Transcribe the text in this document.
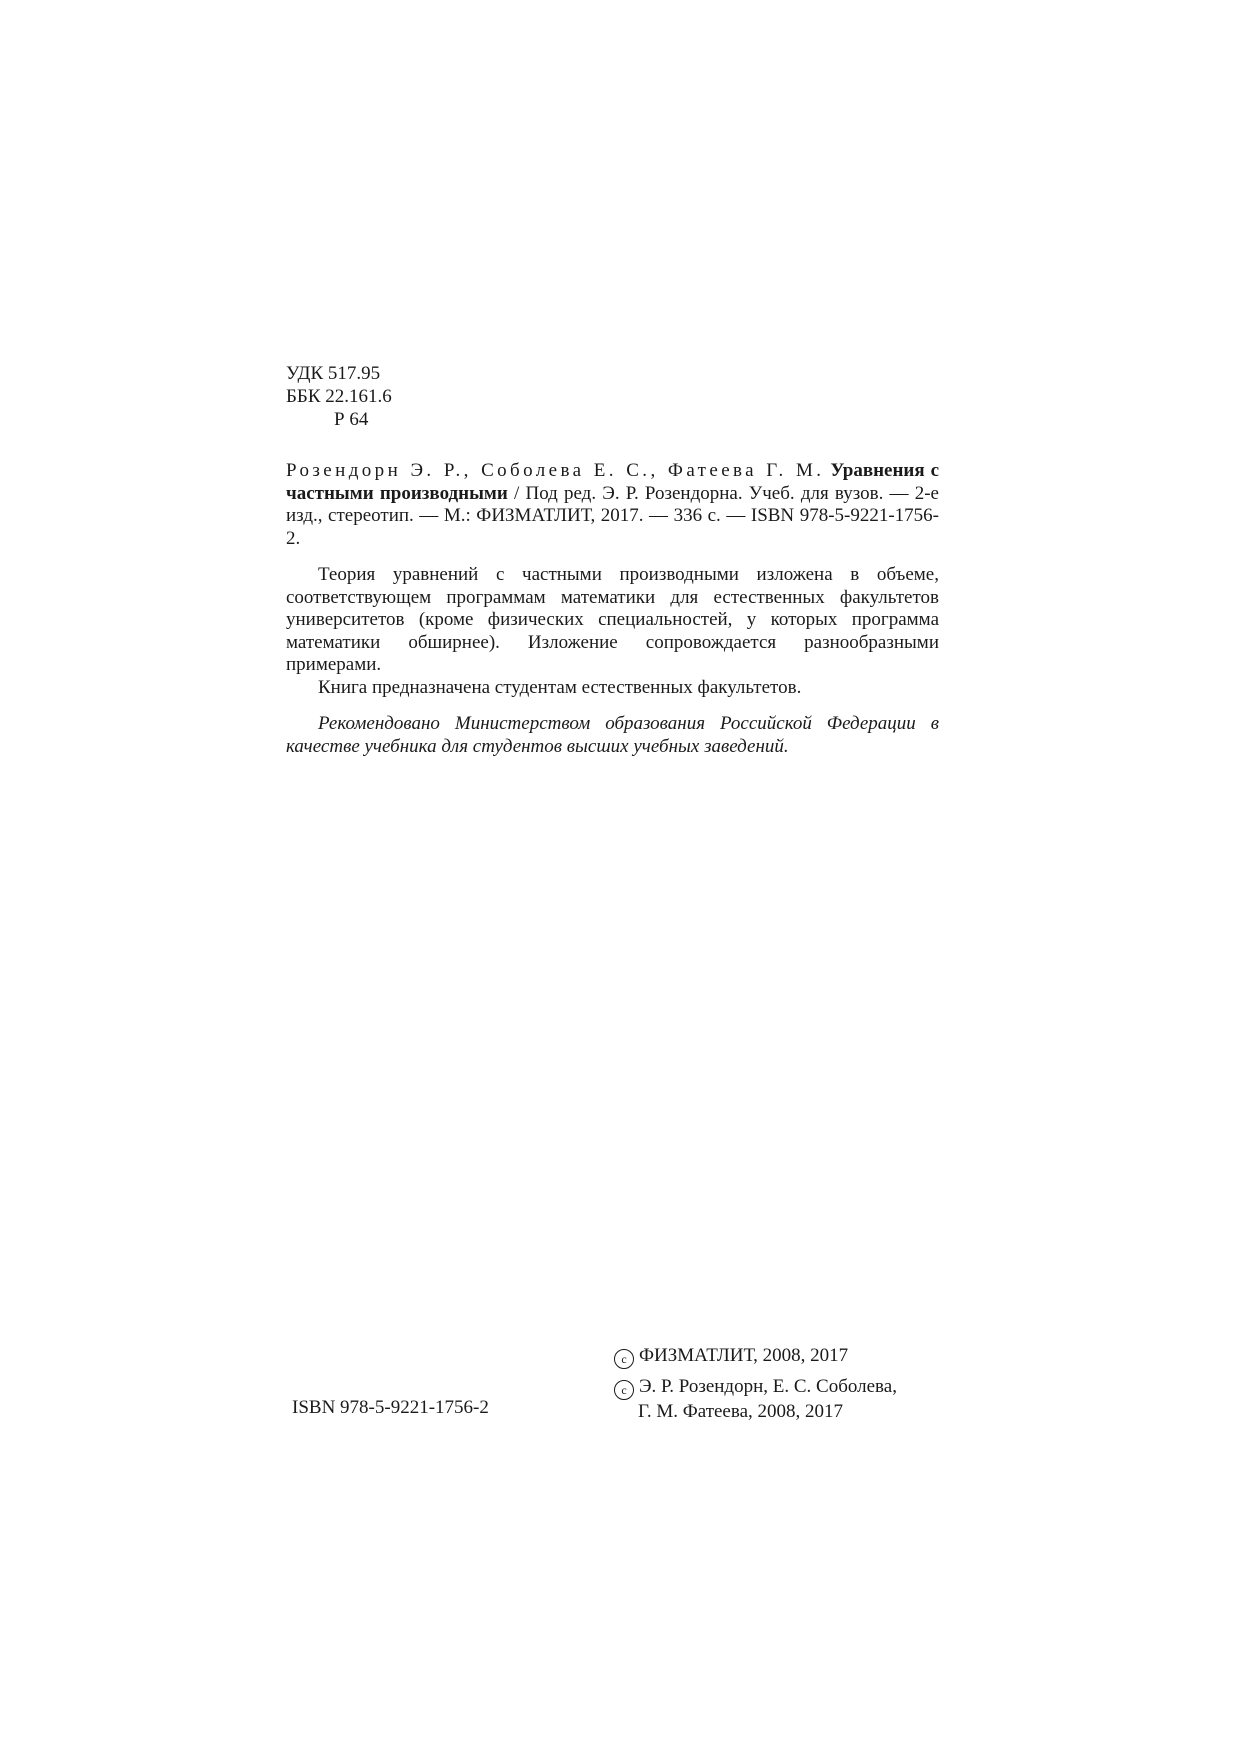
УДК 517.95
ББК 22.161.6
Р 64

Розендорн Э. Р., Соболева Е. С., Фатеева Г. М. Уравнения с частными производными / Под ред. Э. Р. Розендорна. Учеб. для вузов. — 2-е изд., стереотип. — М.: ФИЗМАТЛИТ, 2017. — 336 с. — ISBN 978-5-9221-1756-2.

Теория уравнений с частными производными изложена в объеме, соответствующем программам математики для естественных факультетов университетов (кроме физических специальностей, у которых программа математики обширнее). Изложение сопровождается разнообразными примерами.

Книга предназначена студентам естественных факультетов.

Рекомендовано Министерством образования Российской Федерации в качестве учебника для студентов высших учебных заведений.

ISBN 978-5-9221-1756-2
c ФИЗМАТЛИТ, 2008, 2017
c Э. Р. Розендорн, Е. С. Соболева,
Г. М. Фатеева, 2008, 2017
